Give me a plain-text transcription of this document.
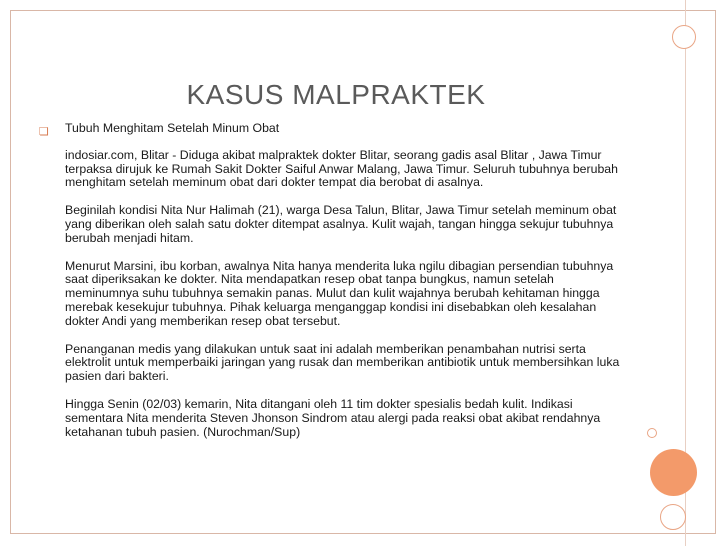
KASUS MALPRAKTEK
❏ Tubuh Menghitam Setelah Minum Obat

indosiar.com, Blitar - Diduga akibat malpraktek dokter Blitar, seorang gadis asal Blitar , Jawa Timur terpaksa dirujuk ke Rumah Sakit Dokter Saiful Anwar Malang, Jawa Timur. Seluruh tubuhnya berubah menghitam setelah meminum obat dari dokter tempat dia berobat di asalnya.

Beginilah kondisi Nita Nur Halimah (21), warga Desa Talun, Blitar, Jawa Timur setelah meminum obat yang diberikan oleh salah satu dokter ditempat asalnya. Kulit wajah, tangan hingga sekujur tubuhnya berubah menjadi hitam.

Menurut Marsini, ibu korban, awalnya Nita hanya menderita luka ngilu dibagian persendian tubuhnya saat diperiksakan ke dokter. Nita mendapatkan resep obat tanpa bungkus, namun setelah meminumnya suhu tubuhnya semakin panas. Mulut dan kulit wajahnya berubah kehitaman hingga merebak kesekujur tubuhnya. Pihak keluarga menganggap kondisi ini disebabkan oleh kesalahan dokter Andi yang memberikan resep obat tersebut.

Penanganan medis yang dilakukan untuk saat ini adalah memberikan penambahan nutrisi serta elektrolit untuk memperbaiki jaringan yang rusak dan memberikan antibiotik untuk membersihkan luka pasien dari bakteri.

Hingga Senin (02/03) kemarin, Nita ditangani oleh 11 tim dokter spesialis bedah kulit. Indikasi sementara Nita menderita Steven Jhonson Sindrom atau alergi pada reaksi obat akibat rendahnya ketahanan tubuh pasien. (Nurochman/Sup)
